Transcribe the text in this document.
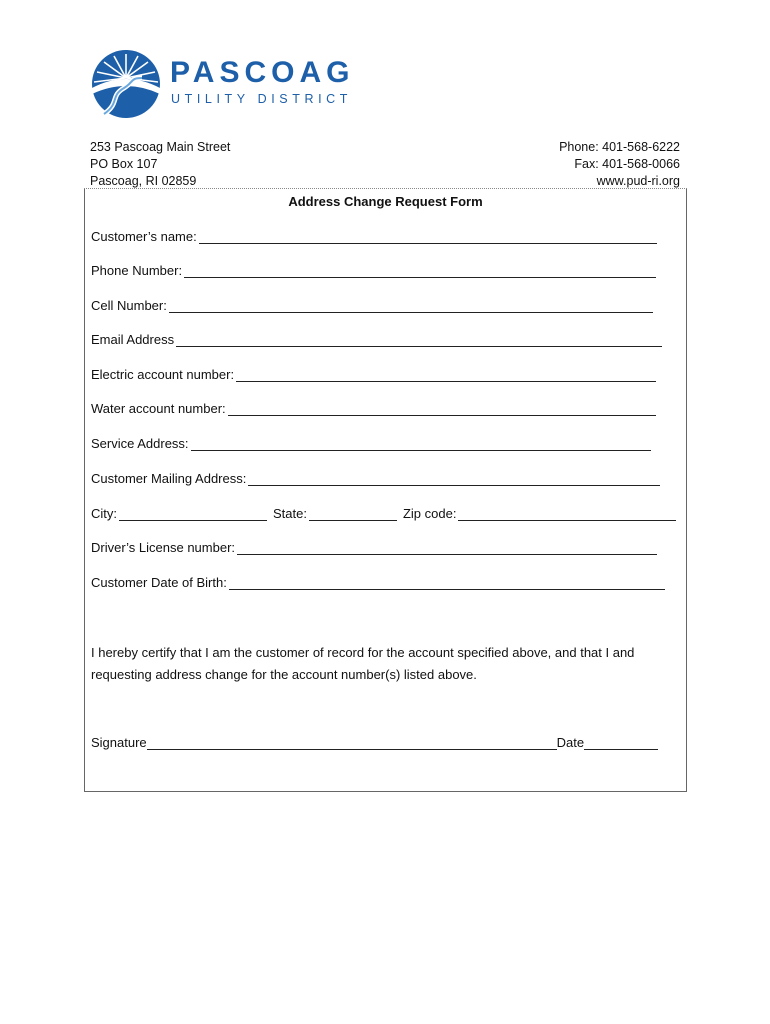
PASCOAG
UTILITY DISTRICT
253 Pascoag Main Street
PO Box 107
Pascoag, RI 02859
Phone: 401-568-6222
Fax: 401-568-0066
www.pud-ri.org
Address Change Request Form
Customer’s name:
Phone Number:
Cell Number:
Email Address
Electric account number:
Water account number:
Service Address:
Customer Mailing Address:
City:	State:	Zip code:
Driver’s License number:
Customer Date of Birth:
I hereby certify that I am the customer of record for the account specified above, and that I and requesting address change for the account number(s) listed above.
Signature	Date
